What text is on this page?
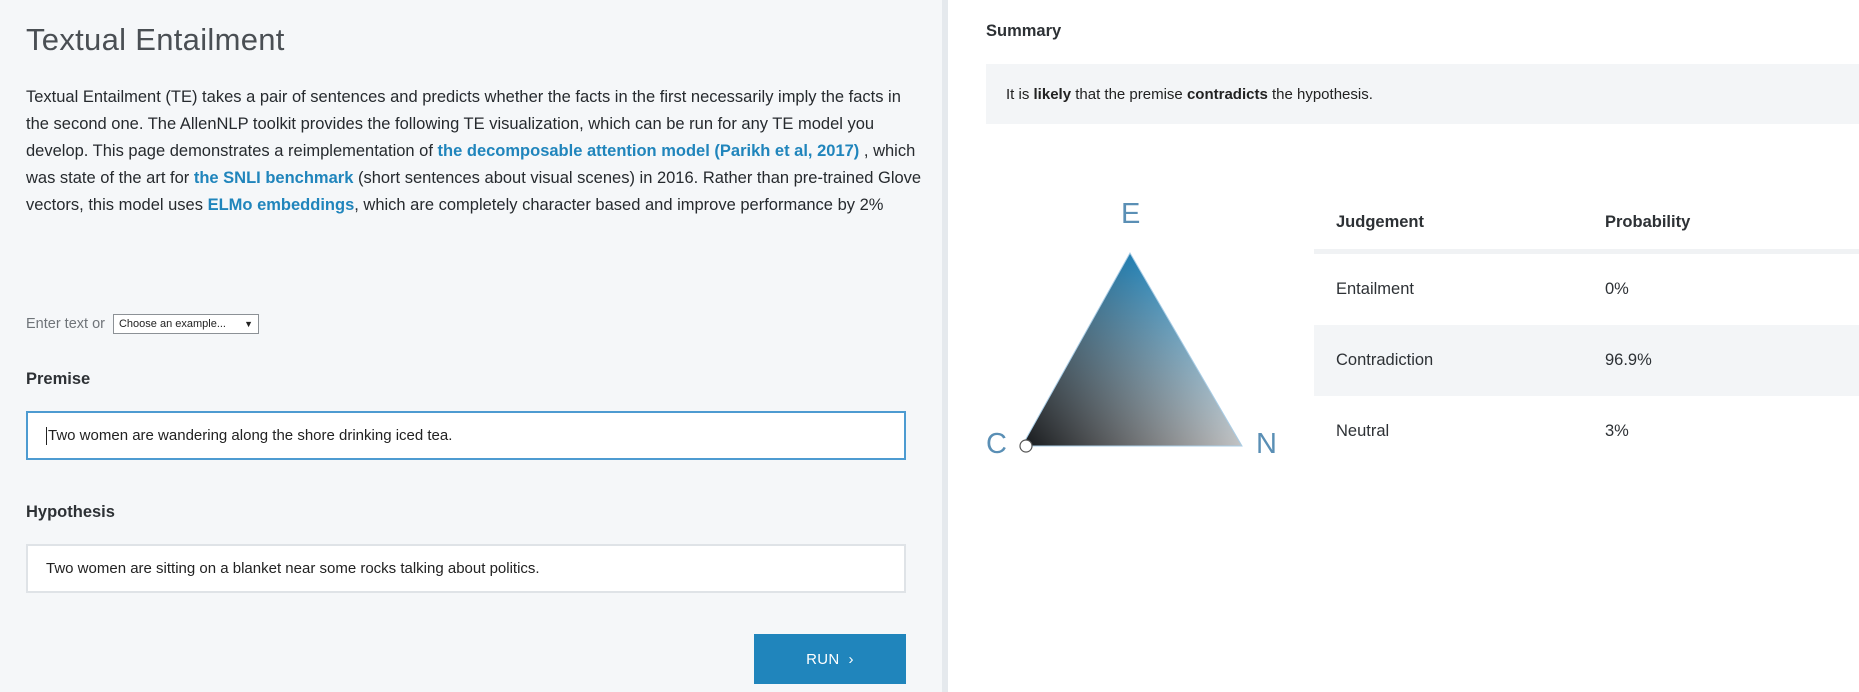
Textual Entailment

Textual Entailment (TE) takes a pair of sentences and predicts whether the facts in the first necessarily imply the facts in the second one. The AllenNLP toolkit provides the following TE visualization, which can be run for any TE model you develop. This page demonstrates a reimplementation of the decomposable attention model (Parikh et al, 2017) , which was state of the art for the SNLI benchmark (short sentences about visual scenes) in 2016. Rather than pre-trained Glove vectors, this model uses ELMo embeddings, which are completely character based and improve performance by 2%

Enter text or Choose an example... ▼
Premise
Two women are wandering along the shore drinking iced tea.
Hypothesis
Two women are sitting on a blanket near some rocks talking about politics.
RUN ›
Summary
It is likely that the premise contradicts the hypothesis.
E
C	N
Judgement	Probability
Entailment	0%
Contradiction	96.9%
Neutral	3%
